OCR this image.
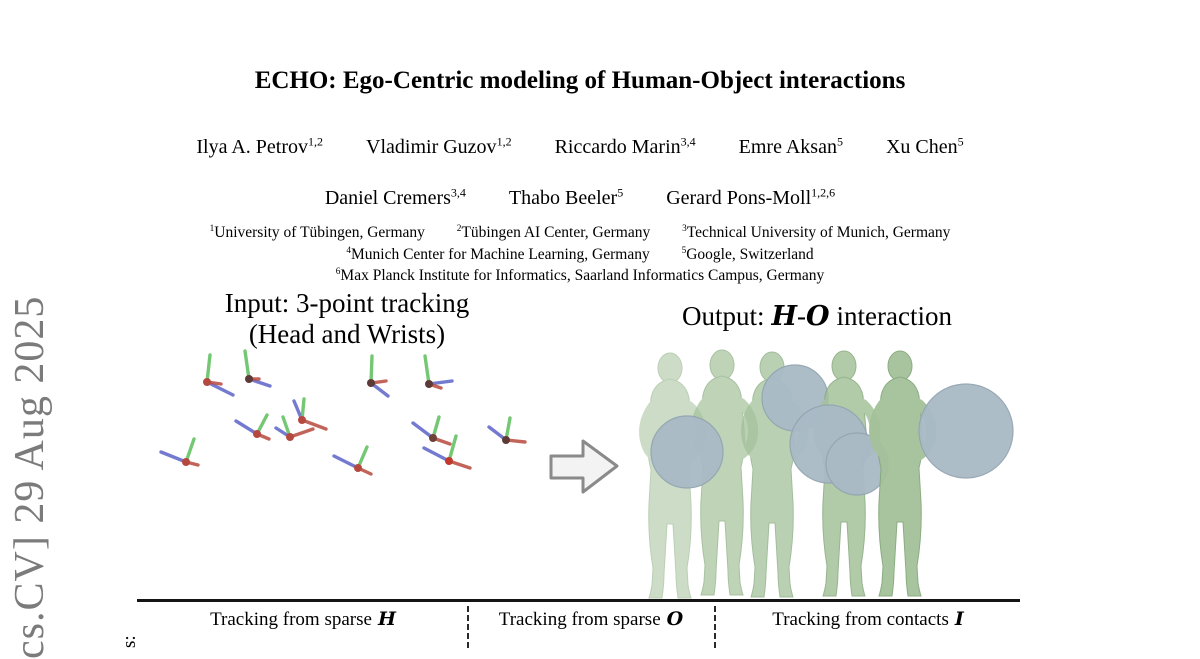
cs.CV] 29 Aug 2025
ECHO: Ego-Centric modeling of Human-Object interactions
Ilya A. Petrov$^{1,2}$ Vladimir Guzov$^{1,2}$ Riccardo Marin$^{3,4}$ Emre Aksan$^5$ Xu Chen$^5$
Daniel Cremers$^{3,4}$ Thabo Beeler$^5$ Gerard Pons-Moll$^{1,2,6}$
$^1$University of Tübingen, Germany	$^2$Tübingen AI Center, Germany	$^3$Technical University of Munich, Germany
$^4$Munich Center for Machine Learning, Germany	$^5$Google, Switzerland
$^6$Max Planck Institute for Informatics, Saarland Informatics Campus, Germany
Input: 3-point tracking
(Head and Wrists)
Output: H-O interaction
Tracking from sparse H	Tracking from sparse O	Tracking from contacts I
s:
